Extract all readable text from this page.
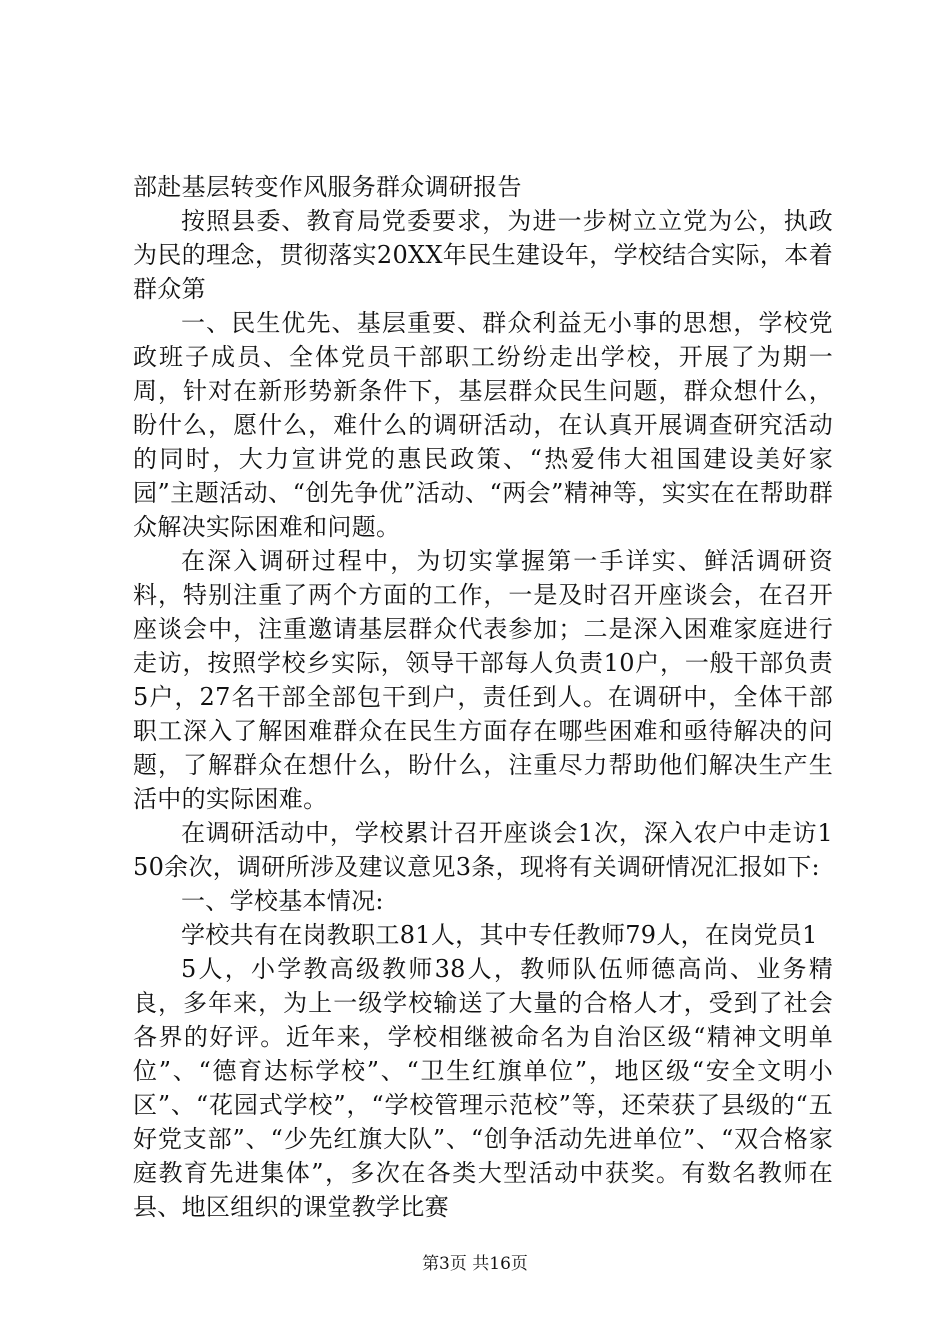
部赴基层转变作风服务群众调研报告

按照县委、教育局党委要求，为进一步树立立党为公，执政为民的理念，贯彻落实20XX年民生建设年，学校结合实际，本着群众第

一、民生优先、基层重要、群众利益无小事的思想，学校党政班子成员、全体党员干部职工纷纷走出学校，开展了为期一周，针对在新形势新条件下，基层群众民生问题，群众想什么，盼什么，愿什么，难什么的调研活动，在认真开展调查研究活动的同时，大力宣讲党的惠民政策、“热爱伟大祖国建设美好家园”主题活动、“创先争优”活动、“两会”精神等，实实在在帮助群众解决实际困难和问题。

在深入调研过程中，为切实掌握第一手详实、鲜活调研资料，特别注重了两个方面的工作，一是及时召开座谈会，在召开座谈会中，注重邀请基层群众代表参加；二是深入困难家庭进行走访，按照学校乡实际，领导干部每人负责10户，一般干部负责5户，27名干部全部包干到户，责任到人。在调研中，全体干部职工深入了解困难群众在民生方面存在哪些困难和亟待解决的问题，了解群众在想什么，盼什么，注重尽力帮助他们解决生产生活中的实际困难。

在调研活动中，学校累计召开座谈会1次，深入农户中走访150余次，调研所涉及建议意见3条，现将有关调研情况汇报如下:

一、学校基本情况:

学校共有在岗教职工81人，其中专任教师79人，在岗党员1

5人，小学教高级教师38人，教师队伍师德高尚、业务精良，多年来，为上一级学校输送了大量的合格人才，受到了社会各界的好评。近年来，学校相继被命名为自治区级“精神文明单位”、“德育达标学校”、“卫生红旗单位”，地区级“安全文明小区”、“花园式学校”，“学校管理示范校”等，还荣获了县级的“五好党支部”、“少先红旗大队”、“创争活动先进单位”、“双合格家庭教育先进集体”，多次在各类大型活动中获奖。有数名教师在县、地区组织的课堂教学比赛

第3页 共16页
